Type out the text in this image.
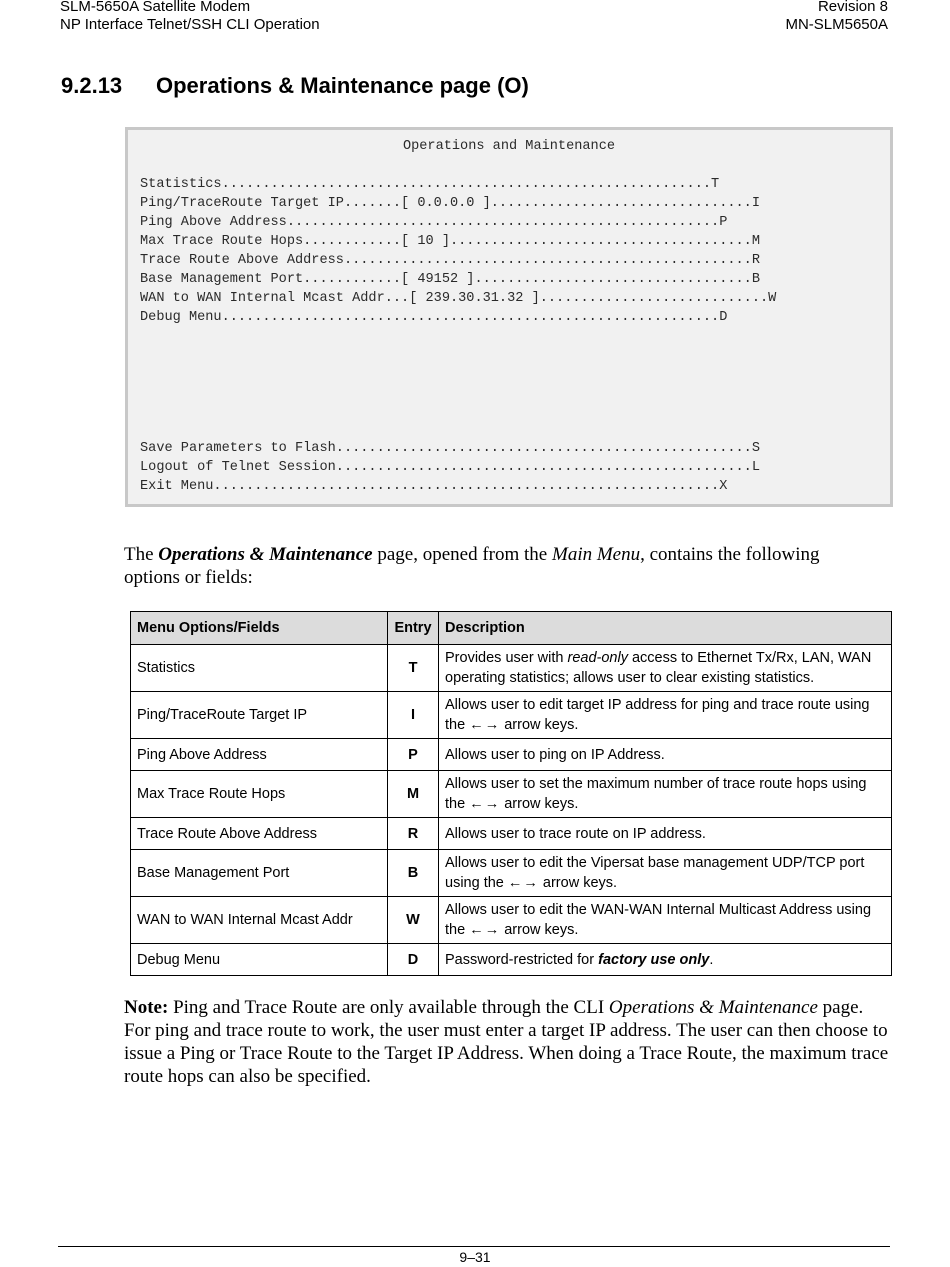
SLM-5650A Satellite Modem
NP Interface Telnet/SSH CLI Operation
Revision 8
MN-SLM5650A
9.2.13 Operations & Maintenance page (O)
Operations and Maintenance
Statistics............................................................T
Ping/TraceRoute Target IP.......[ 0.0.0.0 ]................................I
Ping Above Address.....................................................P
Max Trace Route Hops............[ 10 ].....................................M
Trace Route Above Address..................................................R
Base Management Port............[ 49152 ]..................................B
WAN to WAN Internal Mcast Addr...[ 239.30.31.32 ]............................W
Debug Menu.............................................................D
Save Parameters to Flash...................................................S
Logout of Telnet Session...................................................L
Exit Menu..............................................................X
The Operations & Maintenance page, opened from the Main Menu, contains the following options or fields:
Menu Options/Fields	Entry	Description
Statistics	T	Provides user with read-only access to Ethernet Tx/Rx, LAN, WAN operating statistics; allows user to clear existing statistics.
Ping/TraceRoute Target IP	I	Allows user to edit target IP address for ping and trace route using the ←→ arrow keys.
Ping Above Address	P	Allows user to ping on IP Address.
Max Trace Route Hops	M	Allows user to set the maximum number of trace route hops using the ←→ arrow keys.
Trace Route Above Address	R	Allows user to trace route on IP address.
Base Management Port	B	Allows user to edit the Vipersat base management UDP/TCP port using the ←→ arrow keys.
WAN to WAN Internal Mcast Addr	W	Allows user to edit the WAN-WAN Internal Multicast Address using the ←→ arrow keys.
Debug Menu	D	Password-restricted for factory use only.
Note: Ping and Trace Route are only available through the CLI Operations & Maintenance page. For ping and trace route to work, the user must enter a target IP address. The user can then choose to issue a Ping or Trace Route to the Target IP Address. When doing a Trace Route, the maximum trace route hops can also be specified.
9–31
